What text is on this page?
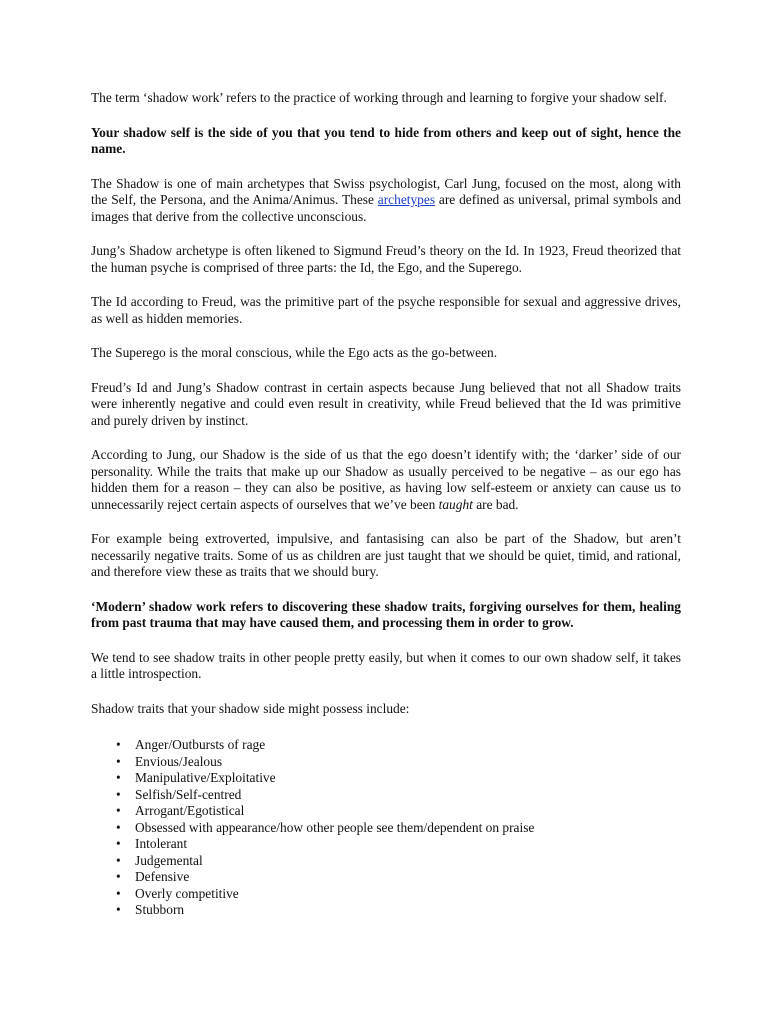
The term ‘shadow work’ refers to the practice of working through and learning to forgive your shadow self.

Your shadow self is the side of you that you tend to hide from others and keep out of sight, hence the name.

The Shadow is one of main archetypes that Swiss psychologist, Carl Jung, focused on the most, along with the Self, the Persona, and the Anima/Animus. These archetypes are defined as universal, primal symbols and images that derive from the collective unconscious.

Jung’s Shadow archetype is often likened to Sigmund Freud’s theory on the Id. In 1923, Freud theorized that the human psyche is comprised of three parts: the Id, the Ego, and the Superego.

The Id according to Freud, was the primitive part of the psyche responsible for sexual and aggressive drives, as well as hidden memories.

The Superego is the moral conscious, while the Ego acts as the go-between.

Freud’s Id and Jung’s Shadow contrast in certain aspects because Jung believed that not all Shadow traits were inherently negative and could even result in creativity, while Freud believed that the Id was primitive and purely driven by instinct.

According to Jung, our Shadow is the side of us that the ego doesn’t identify with; the ‘darker’ side of our personality. While the traits that make up our Shadow as usually perceived to be negative – as our ego has hidden them for a reason – they can also be positive, as having low self-esteem or anxiety can cause us to unnecessarily reject certain aspects of ourselves that we’ve been taught are bad.

For example being extroverted, impulsive, and fantasising can also be part of the Shadow, but aren’t necessarily negative traits. Some of us as children are just taught that we should be quiet, timid, and rational, and therefore view these as traits that we should bury.

‘Modern’ shadow work refers to discovering these shadow traits, forgiving ourselves for them, healing from past trauma that may have caused them, and processing them in order to grow.

We tend to see shadow traits in other people pretty easily, but when it comes to our own shadow self, it takes a little introspection.

Shadow traits that your shadow side might possess include:

• Anger/Outbursts of rage
• Envious/Jealous
• Manipulative/Exploitative
• Selfish/Self-centred
• Arrogant/Egotistical
• Obsessed with appearance/how other people see them/dependent on praise
• Intolerant
• Judgemental
• Defensive
• Overly competitive
• Stubborn
